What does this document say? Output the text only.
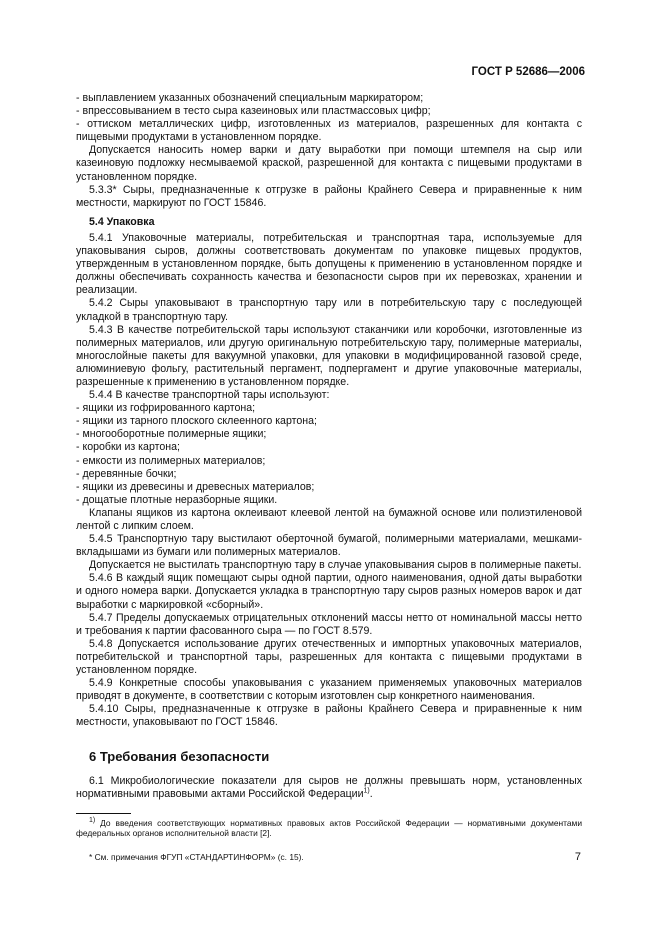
ГОСТ Р 52686—2006

- выплавлением указанных обозначений специальным маркиратором;

- впрессовыванием в тесто сыра казеиновых или пластмассовых цифр;

- оттиском металлических цифр, изготовленных из материалов, разрешенных для контакта с пищевыми продуктами в установленном порядке.

Допускается наносить номер варки и дату выработки при помощи штемпеля на сыр или казеиновую подложку несмываемой краской, разрешенной для контакта с пищевыми продуктами в установленном порядке.

5.3.3* Сыры, предназначенные к отгрузке в районы Крайнего Севера и приравненные к ним местности, маркируют по ГОСТ 15846.

5.4 Упаковка

5.4.1 Упаковочные материалы, потребительская и транспортная тара, используемые для упаковывания сыров, должны соответствовать документам по упаковке пищевых продуктов, утвержденным в установленном порядке, быть допущены к применению в установленном порядке и должны обеспечивать сохранность качества и безопасности сыров при их перевозках, хранении и реализации.

5.4.2 Сыры упаковывают в транспортную тару или в потребительскую тару с последующей укладкой в транспортную тару.

5.4.3 В качестве потребительской тары используют стаканчики или коробочки, изготовленные из полимерных материалов, или другую оригинальную потребительскую тару, полимерные материалы, многослойные пакеты для вакуумной упаковки, для упаковки в модифицированной газовой среде, алюминиевую фольгу, растительный пергамент, подпергамент и другие упаковочные материалы, разрешенные к применению в установленном порядке.

5.4.4 В качестве транспортной тары используют:

- ящики из гофрированного картона;

- ящики из тарного плоского склеенного картона;

- многооборотные полимерные ящики;

- коробки из картона;

- емкости из полимерных материалов;

- деревянные бочки;

- ящики из древесины и древесных материалов;

- дощатые плотные неразборные ящики.

Клапаны ящиков из картона оклеивают клеевой лентой на бумажной основе или полиэтиленовой лентой с липким слоем.

5.4.5 Транспортную тару выстилают оберточной бумагой, полимерными материалами, мешками-вкладышами из бумаги или полимерных материалов.

Допускается не выстилать транспортную тару в случае упаковывания сыров в полимерные пакеты.

5.4.6 В каждый ящик помещают сыры одной партии, одного наименования, одной даты выработки и одного номера варки. Допускается укладка в транспортную тару сыров разных номеров варок и дат выработки с маркировкой «сборный».

5.4.7 Пределы допускаемых отрицательных отклонений массы нетто от номинальной массы нетто и требования к партии фасованного сыра — по ГОСТ 8.579.

5.4.8 Допускается использование других отечественных и импортных упаковочных материалов, потребительской и транспортной тары, разрешенных для контакта с пищевыми продуктами в установленном порядке.

5.4.9 Конкретные способы упаковывания с указанием применяемых упаковочных материалов приводят в документе, в соответствии с которым изготовлен сыр конкретного наименования.

5.4.10 Сыры, предназначенные к отгрузке в районы Крайнего Севера и приравненные к ним местности, упаковывают по ГОСТ 15846.

6 Требования безопасности

6.1 Микробиологические показатели для сыров не должны превышать норм, установленных нормативными правовыми актами Российской Федерации$^{1)}$.

$^{1)}$ До введения соответствующих нормативных правовых актов Российской Федерации — нормативными документами федеральных органов исполнительной власти [2].

* См. примечания ФГУП «СТАНДАРТИНФОРМ» (с. 15).	7
